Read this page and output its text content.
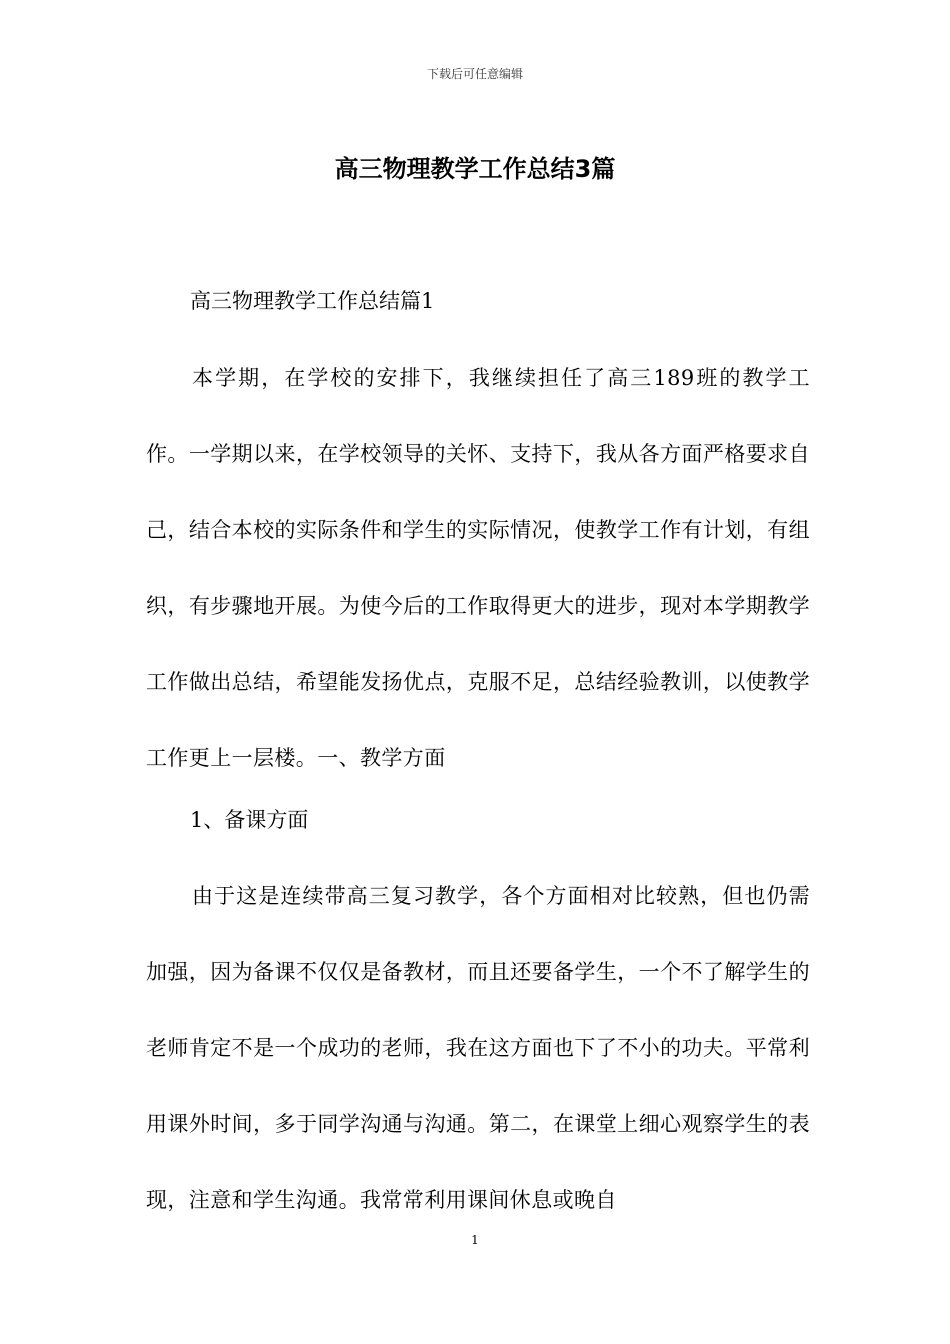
下载后可任意编辑
高三物理教学工作总结3篇
高三物理教学工作总结篇1

本学期，在学校的安排下，我继续担任了高三189班的教学工作。一学期以来，在学校领导的关怀、支持下，我从各方面严格要求自己，结合本校的实际条件和学生的实际情况，使教学工作有计划，有组织，有步骤地开展。为使今后的工作取得更大的进步，现对本学期教学工作做出总结，希望能发扬优点，克服不足，总结经验教训，以使教学工作更上一层楼。一、教学方面

1、备课方面

由于这是连续带高三复习教学，各个方面相对比较熟，但也仍需加强，因为备课不仅仅是备教材，而且还要备学生，一个不了解学生的老师肯定不是一个成功的老师，我在这方面也下了不小的功夫。平常利用课外时间，多于同学沟通与沟通。第二，在课堂上细心观察学生的表现，注意和学生沟通。我常常利用课间休息或晚自

1
